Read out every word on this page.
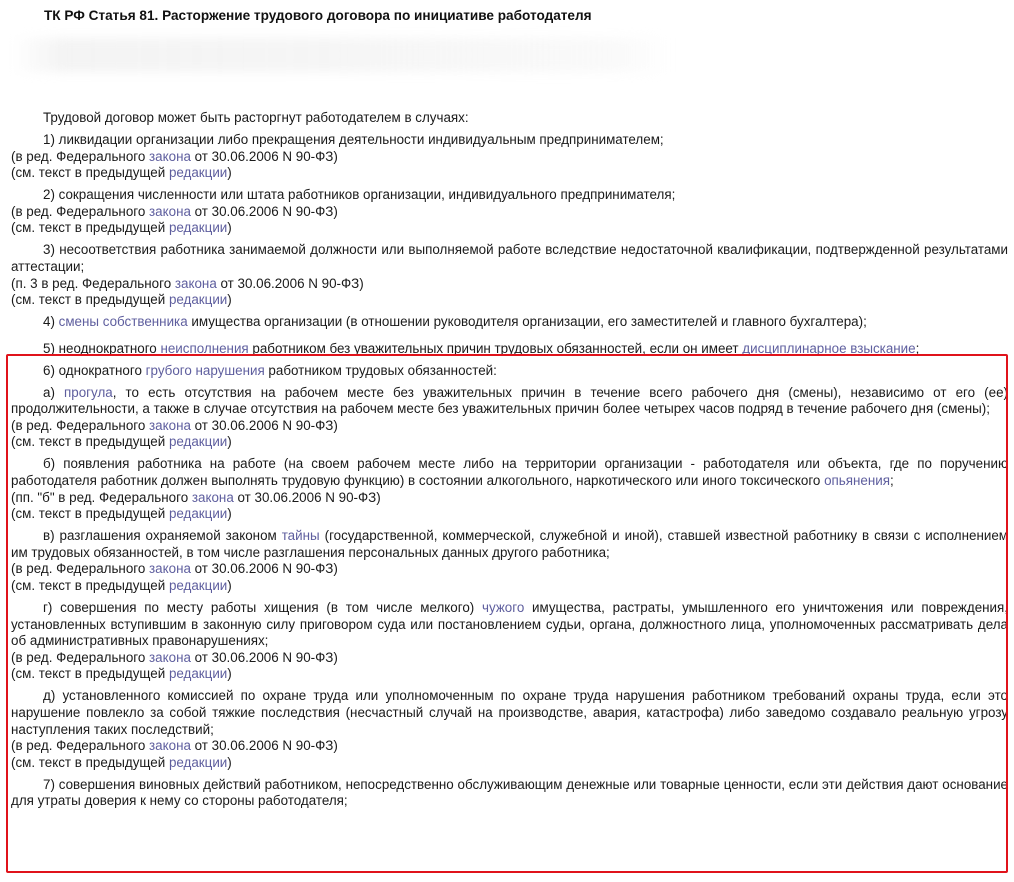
ТК РФ Статья 81. Расторжение трудового договора по инициативе работодателя
Трудовой договор может быть расторгнут работодателем в случаях:
1) ликвидации организации либо прекращения деятельности индивидуальным предпринимателем;
(в ред. Федерального закона от 30.06.2006 N 90-ФЗ)
(см. текст в предыдущей редакции)
2) сокращения численности или штата работников организации, индивидуального предпринимателя;
(в ред. Федерального закона от 30.06.2006 N 90-ФЗ)
(см. текст в предыдущей редакции)
3) несоответствия работника занимаемой должности или выполняемой работе вследствие недостаточной квалификации, подтвержденной результатами аттестации;
(п. 3 в ред. Федерального закона от 30.06.2006 N 90-ФЗ)
(см. текст в предыдущей редакции)
4) смены собственника имущества организации (в отношении руководителя организации, его заместителей и главного бухгалтера);
5) неоднократного неисполнения работником без уважительных причин трудовых обязанностей, если он имеет дисциплинарное взыскание;
6) однократного грубого нарушения работником трудовых обязанностей:
а) прогула, то есть отсутствия на рабочем месте без уважительных причин в течение всего рабочего дня (смены), независимо от его (ее) продолжительности, а также в случае отсутствия на рабочем месте без уважительных причин более четырех часов подряд в течение рабочего дня (смены);
(в ред. Федерального закона от 30.06.2006 N 90-ФЗ)
(см. текст в предыдущей редакции)
б) появления работника на работе (на своем рабочем месте либо на территории организации - работодателя или объекта, где по поручению работодателя работник должен выполнять трудовую функцию) в состоянии алкогольного, наркотического или иного токсического опьянения;
(пп. "б" в ред. Федерального закона от 30.06.2006 N 90-ФЗ)
(см. текст в предыдущей редакции)
в) разглашения охраняемой законом тайны (государственной, коммерческой, служебной и иной), ставшей известной работнику в связи с исполнением им трудовых обязанностей, в том числе разглашения персональных данных другого работника;
(в ред. Федерального закона от 30.06.2006 N 90-ФЗ)
(см. текст в предыдущей редакции)
г) совершения по месту работы хищения (в том числе мелкого) чужого имущества, растраты, умышленного его уничтожения или повреждения, установленных вступившим в законную силу приговором суда или постановлением судьи, органа, должностного лица, уполномоченных рассматривать дела об административных правонарушениях;
(в ред. Федерального закона от 30.06.2006 N 90-ФЗ)
(см. текст в предыдущей редакции)
д) установленного комиссией по охране труда или уполномоченным по охране труда нарушения работником требований охраны труда, если это нарушение повлекло за собой тяжкие последствия (несчастный случай на производстве, авария, катастрофа) либо заведомо создавало реальную угрозу наступления таких последствий;
(в ред. Федерального закона от 30.06.2006 N 90-ФЗ)
(см. текст в предыдущей редакции)
7) совершения виновных действий работником, непосредственно обслуживающим денежные или товарные ценности, если эти действия дают основание для утраты доверия к нему со стороны работодателя;
